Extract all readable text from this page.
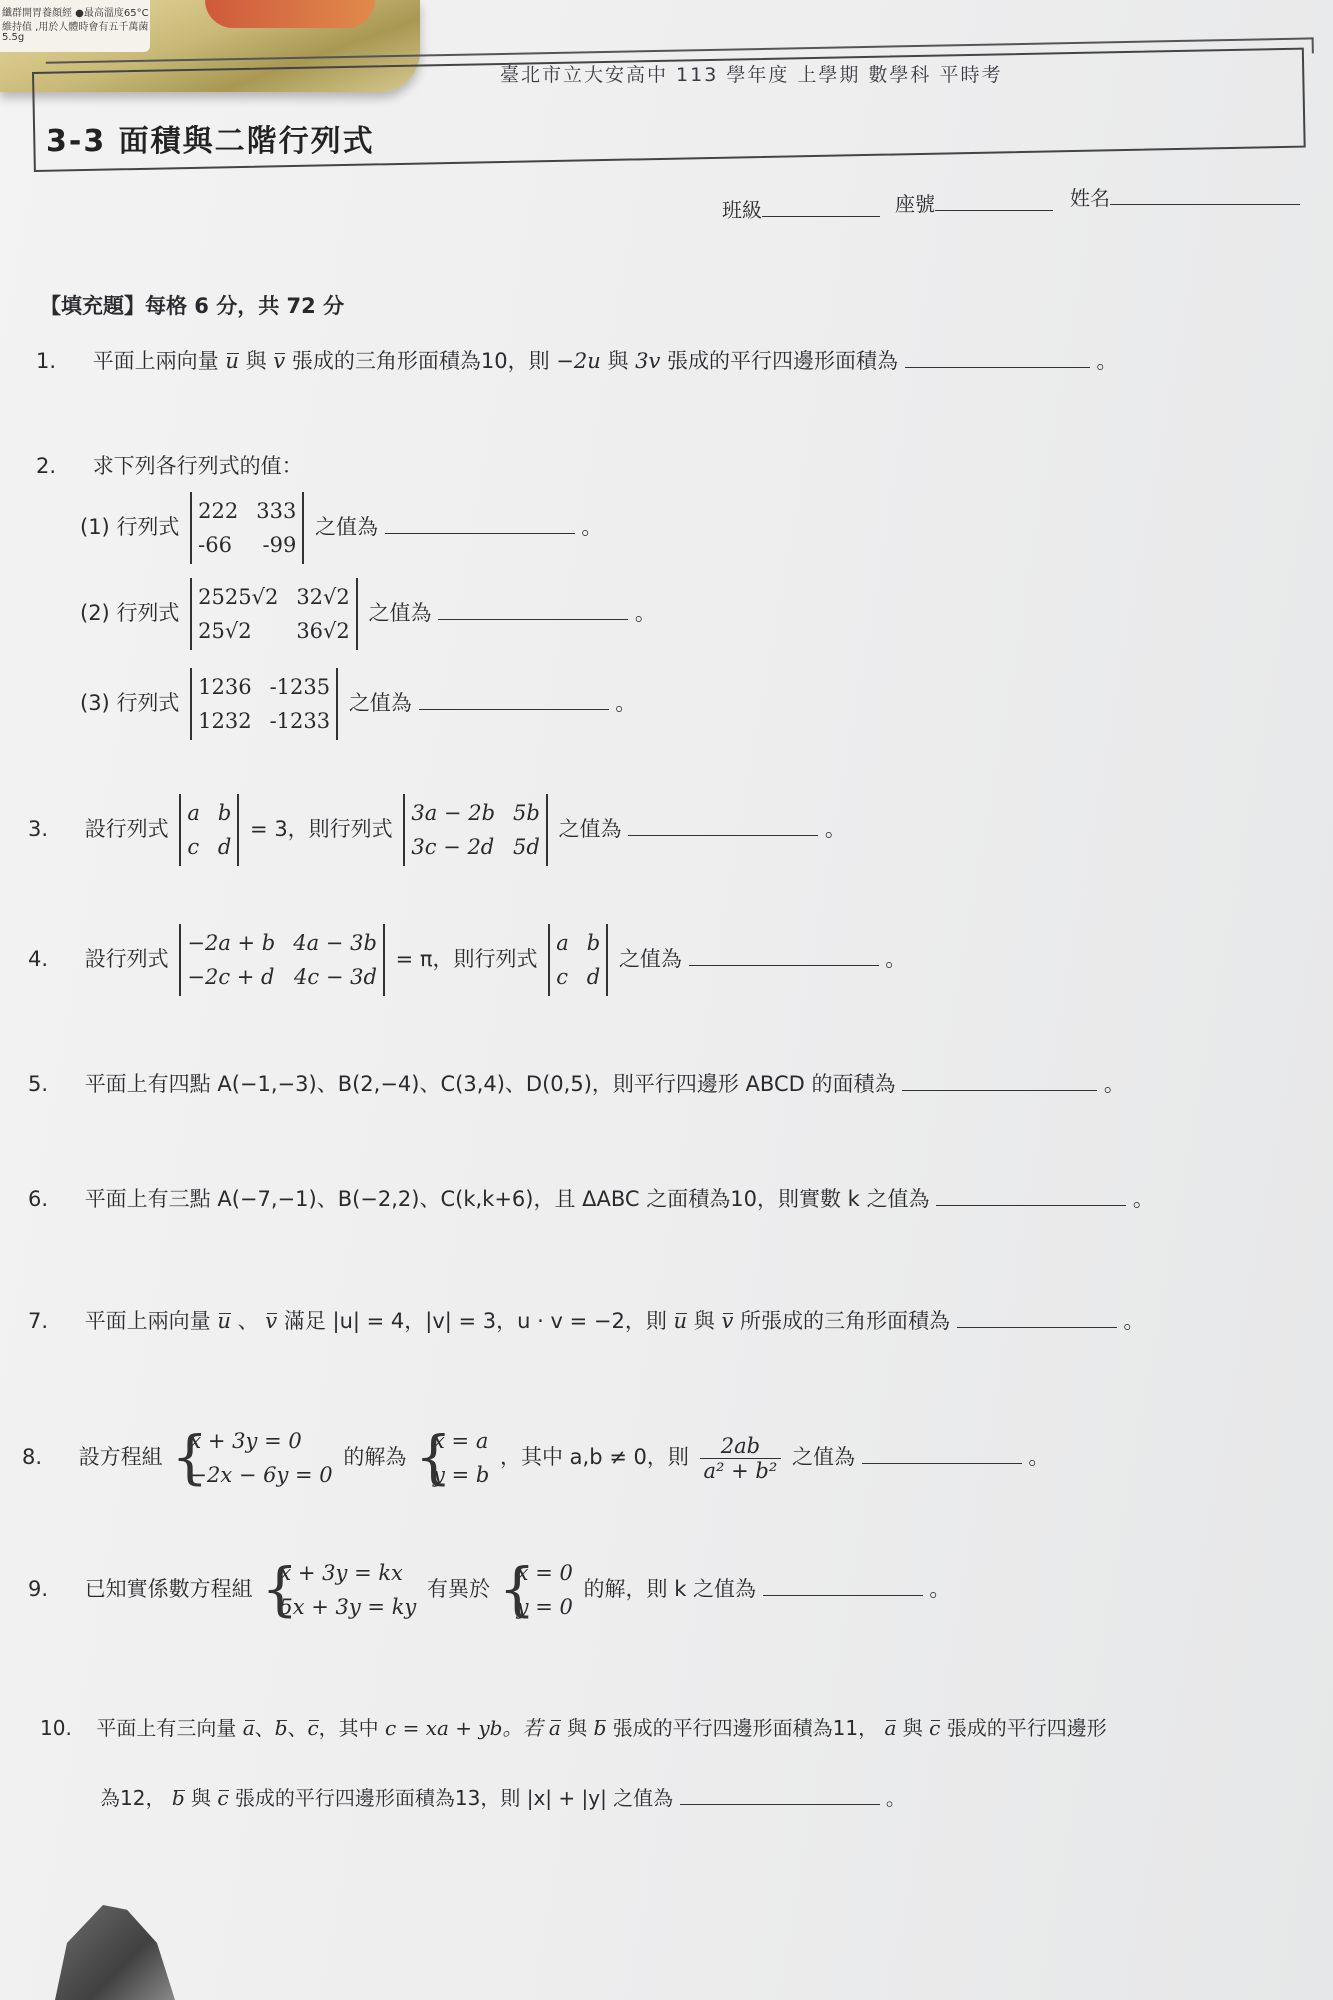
纖群開胃養顏經 ●最高溫度65°C
維持值 ,用於人體時會有五千萬菌
5.5g
臺北市立大安高中 113 學年度 上學期 數學科 平時考
3-3 面積與二階行列式
班級	座號	姓名
【填充題】每格 6 分，共 72 分
1. 平面上兩向量 u 與 v 張成的三角形面積為10，則 −2u 與 3v 張成的平行四邊形面積為	。
2. 求下列各行列式的值：
(1) 行列式
222 333
-66 -99
之值為	。
(2) 行列式
2525√2 32√2
25√2 36√2
之值為	。
(3) 行列式
1236 -1235
1232 -1233
之值為	。
3. 設行列式
a b
c d
= 3，則行列式
3a − 2b 5b
3c − 2d 5d
之值為	。
4. 設行列式
−2a + b 4a − 3b
−2c + d 4c − 3d
= π，則行列式
a b
c d
之值為	。
5. 平面上有四點 A(−1,−3)、B(2,−4)、C(3,4)、D(0,5)，則平行四邊形 ABCD 的面積為	。
6. 平面上有三點 A(−7,−1)、B(−2,2)、C(k,k+6)，且 ΔABC 之面積為10，則實數 k 之值為	。
7. 平面上兩向量 u 、 v 滿足 |u| = 4，|v| = 3，u · v = −2，則 u 與 v 所張成的三角形面積為	。
8. 設方程組
{ x + 3y = 0
−2x − 6y = 0
的解為
{ x = a
y = b
，其中 a,b ≠ 0，則 $\frac{2ab}{\text{a² + b²}}$ 之值為	。
9. 已知實係數方程組
{ x + 3y = kx
5x + 3y = ky
有異於
{ x = 0
y = 0
的解，則 k 之值為	。
10. 平面上有三向量 a、b、c，其中 c = xa + yb。若 a 與 b 張成的平行四邊形面積為11， a 與 c 張成的平行四邊形
為12， b 與 c 張成的平行四邊形面積為13，則 |x| + |y| 之值為	。
